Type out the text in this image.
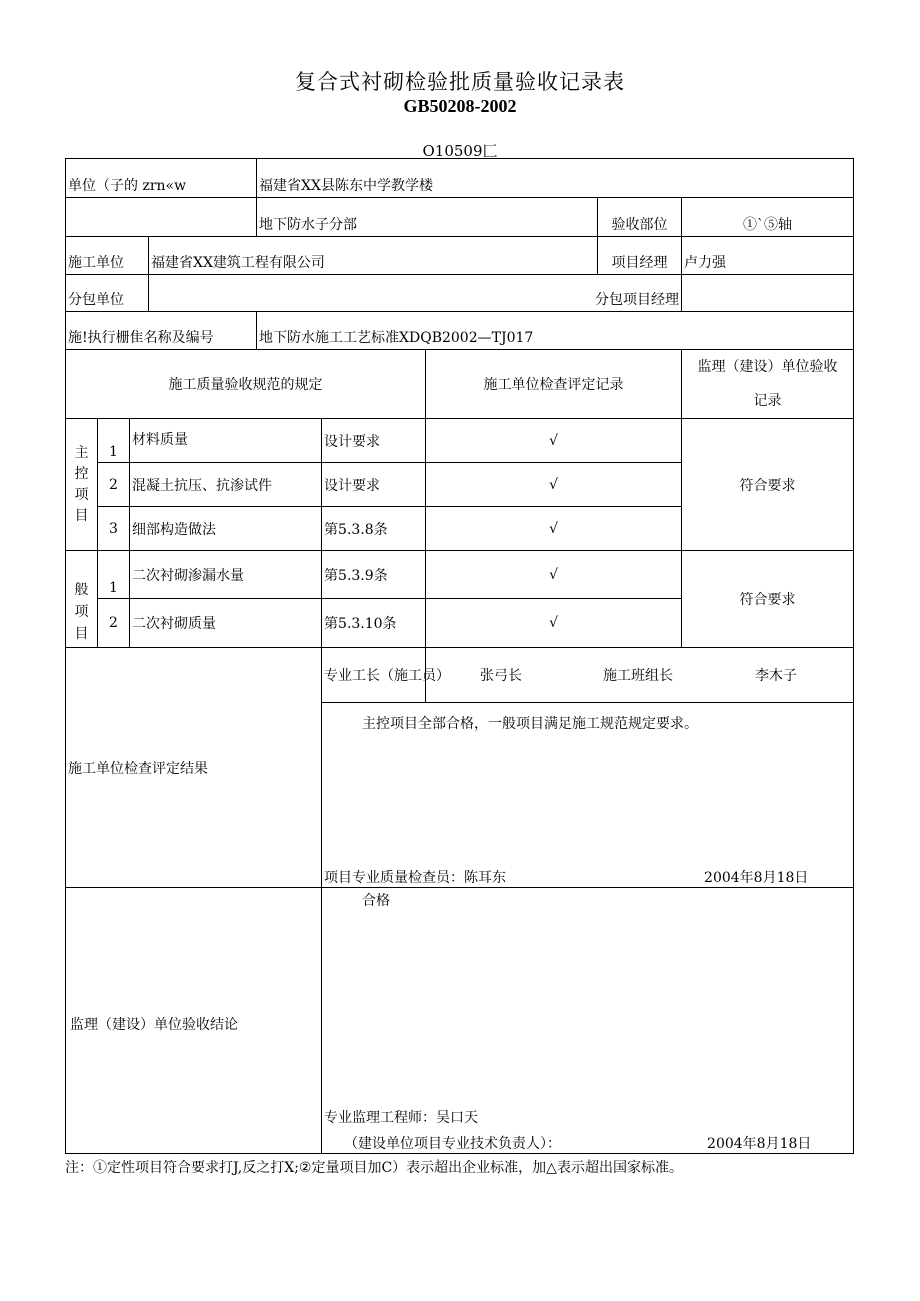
复合式衬砌检验批质量验收记录表
GB50208-2002
O10509匚
单位（子的 zrn«w				福建省XX县陈东中学教学楼				
				地下防水子分部			验收部位	①`⑤轴
施工单位			福建省XX建筑工程有限公司				项目经理	卢力强
分包单位			分包项目经理					
施!执行栅隹名称及编号				地下防水施工工艺标准XDQB2002—TJ017				
施工质量验收规范的规定						施工单位检查评定记录		监理（建设）单位验收
记录

主控
项目	1	材料质量			设计要求	√		符合要求
	2	混凝土抗压、抗渗试件			设计要求	√		
	3	细部构造做法			第5.3.8条	√		

般项
目	1	二次衬砌渗漏水量			第5.3.9条	√		符合要求
	2	二次衬砌质量			第5.3.10条	√		
施工单位检查评定结果					专业工长（施工员）	张弓长 施工班组长 李木子		

					主控项目全部合格，一般项目满足施工规范规定要求。
项目专业质量检查员：陈耳东 2004年8月18日			

监理（建设）单位验收结论					合格
专业监理工程师：吴口天
（建设单位项目专业技术负责人）： 2004年8月18日			
注：①定性项目符合要求打J,反之打X;②定量项目加C）表示超出企业标准，加△表示超出国家标准。
